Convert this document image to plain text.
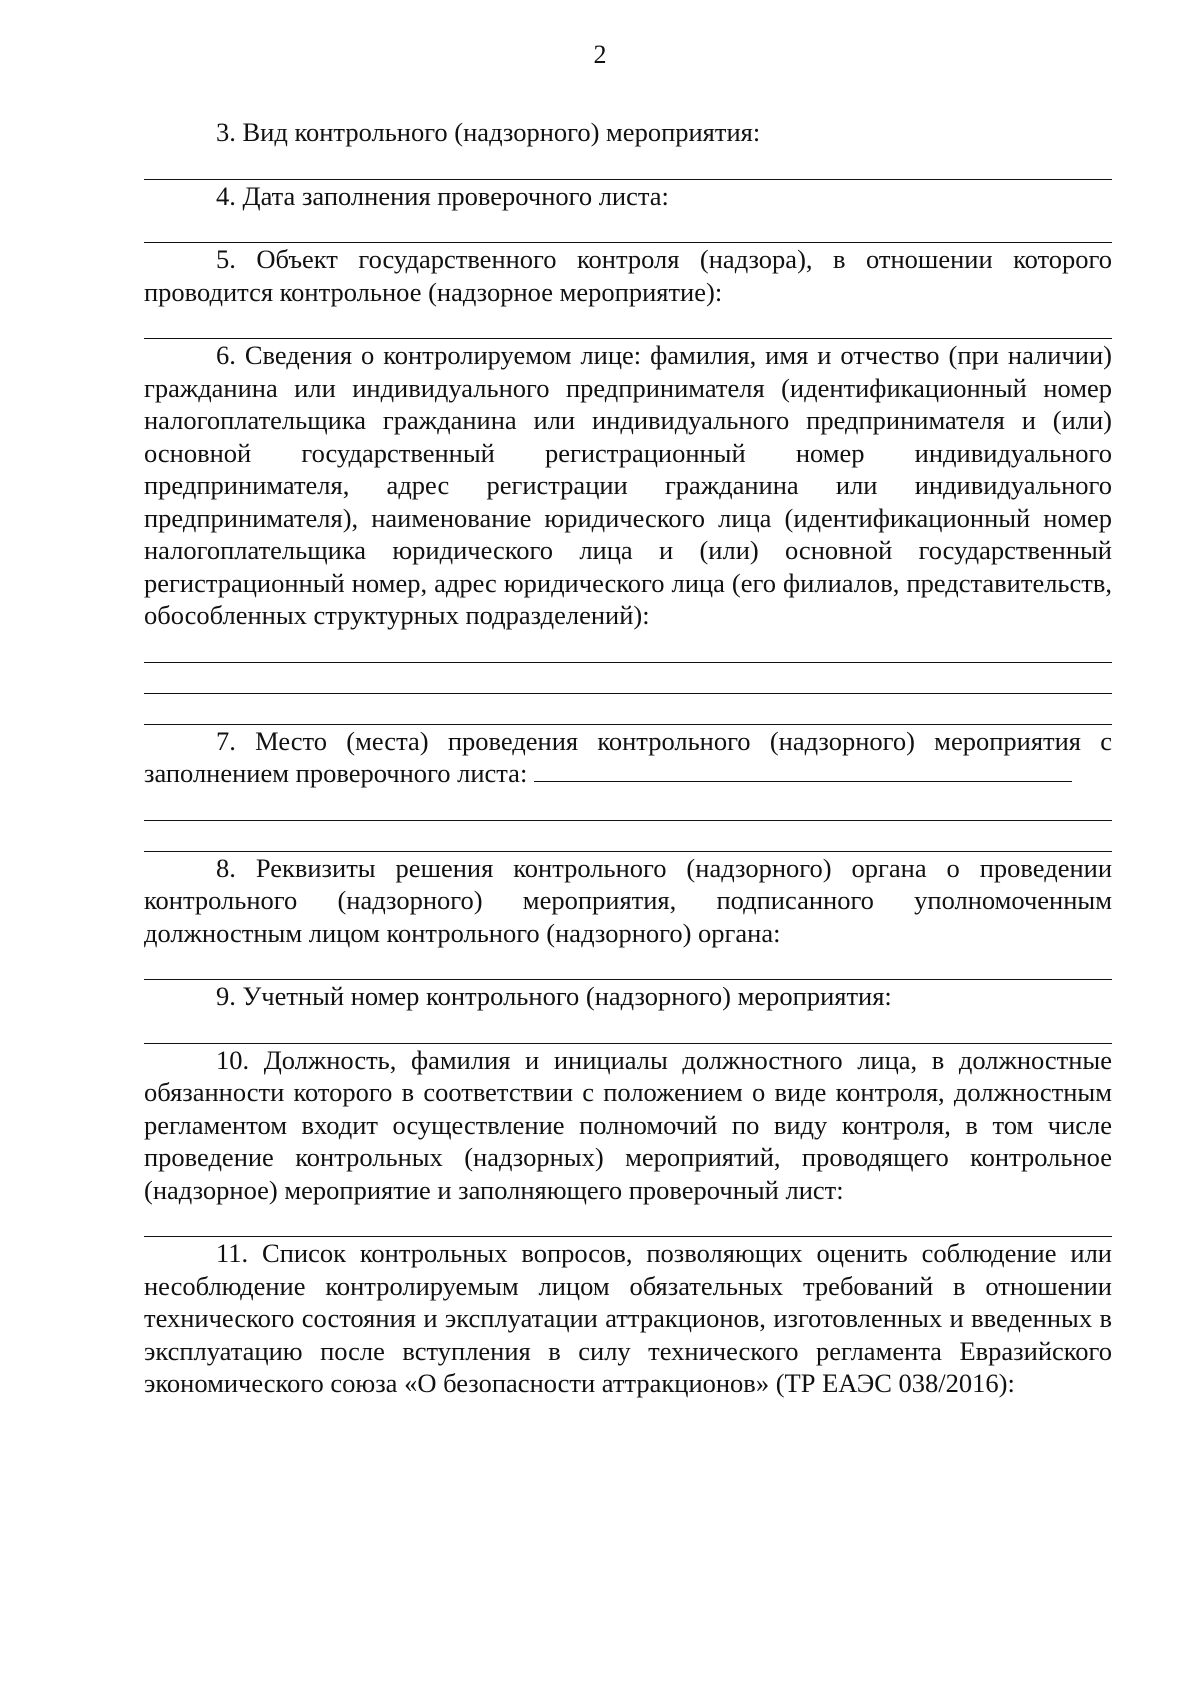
2

3. Вид контрольного (надзорного) мероприятия:

4. Дата заполнения проверочного листа:

5. Объект государственного контроля (надзора), в отношении которого проводится контрольное (надзорное мероприятие):

6. Сведения о контролируемом лице: фамилия, имя и отчество (при наличии) гражданина или индивидуального предпринимателя (идентификационный номер налогоплательщика гражданина или индивидуального предпринимателя и (или) основной государственный регистрационный номер индивидуального предпринимателя, адрес регистрации гражданина или индивидуального предпринимателя), наименование юридического лица (идентификационный номер налогоплательщика юридического лица и (или) основной государственный регистрационный номер, адрес юридического лица (его филиалов, представительств, обособленных структурных подразделений):

7. Место (места) проведения контрольного (надзорного) мероприятия с заполнением проверочного листа:

8. Реквизиты решения контрольного (надзорного) органа о проведении контрольного (надзорного) мероприятия, подписанного уполномоченным должностным лицом контрольного (надзорного) органа:

9. Учетный номер контрольного (надзорного) мероприятия:

10. Должность, фамилия и инициалы должностного лица, в должностные обязанности которого в соответствии с положением о виде контроля, должностным регламентом входит осуществление полномочий по виду контроля, в том числе проведение контрольных (надзорных) мероприятий, проводящего контрольное (надзорное) мероприятие и заполняющего проверочный лист:

11. Список контрольных вопросов, позволяющих оценить соблюдение или несоблюдение контролируемым лицом обязательных требований в отношении технического состояния и эксплуатации аттракционов, изготовленных и введенных в эксплуатацию после вступления в силу технического регламента Евразийского экономического союза «О безопасности аттракционов» (ТР ЕАЭС 038/2016):
